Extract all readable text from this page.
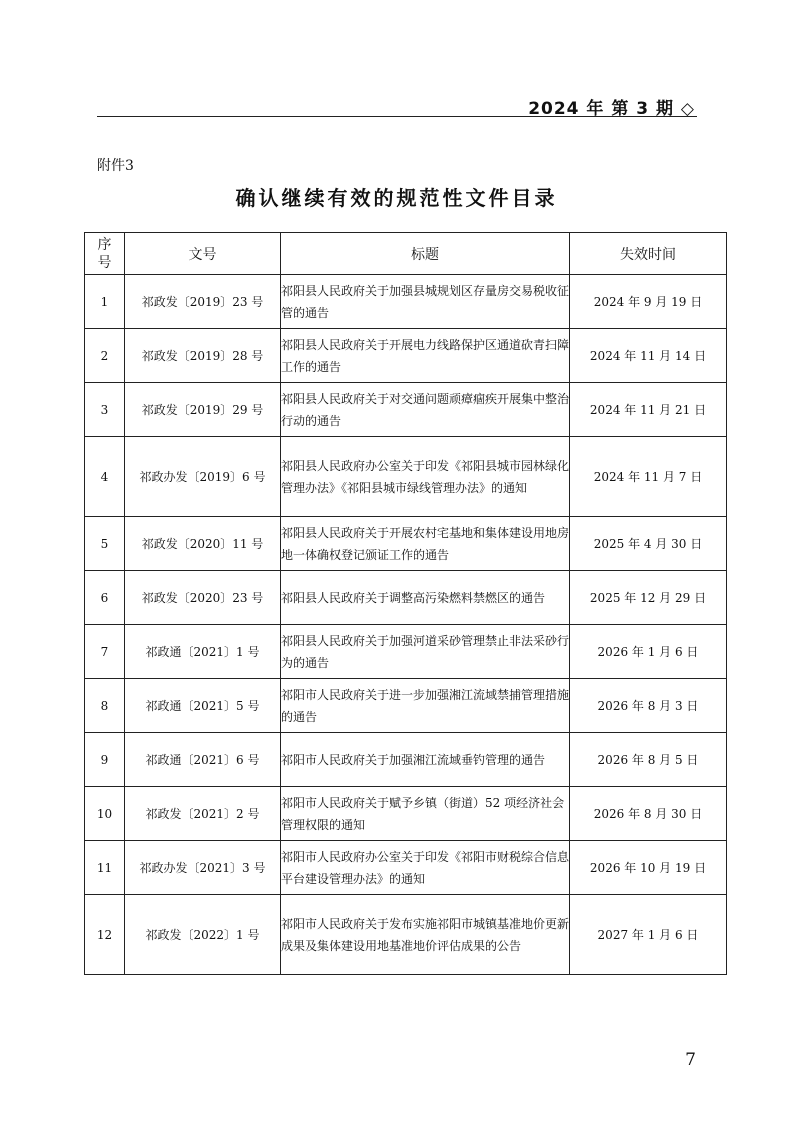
2024 年 第 3 期 ◇
附件3
确认继续有效的规范性文件目录
序号	文号	标题	失效时间
1	祁政发〔2019〕23 号	祁阳县人民政府关于加强县城规划区存量房交易税收征管的通告	2024 年 9 月 19 日
2	祁政发〔2019〕28 号	祁阳县人民政府关于开展电力线路保护区通道砍青扫障工作的通告	2024 年 11 月 14 日
3	祁政发〔2019〕29 号	祁阳县人民政府关于对交通问题顽瘴痼疾开展集中整治行动的通告	2024 年 11 月 21 日
4	祁政办发〔2019〕6 号	祁阳县人民政府办公室关于印发《祁阳县城市园林绿化管理办法》《祁阳县城市绿线管理办法》的通知	2024 年 11 月 7 日
5	祁政发〔2020〕11 号	祁阳县人民政府关于开展农村宅基地和集体建设用地房地一体确权登记颁证工作的通告	2025 年 4 月 30 日
6	祁政发〔2020〕23 号	祁阳县人民政府关于调整高污染燃料禁燃区的通告	2025 年 12 月 29 日
7	祁政通〔2021〕1 号	祁阳县人民政府关于加强河道采砂管理禁止非法采砂行为的通告	2026 年 1 月 6 日
8	祁政通〔2021〕5 号	祁阳市人民政府关于进一步加强湘江流域禁捕管理措施的通告	2026 年 8 月 3 日
9	祁政通〔2021〕6 号	祁阳市人民政府关于加强湘江流域垂钓管理的通告	2026 年 8 月 5 日
10	祁政发〔2021〕2 号	祁阳市人民政府关于赋予乡镇（街道）52 项经济社会管理权限的通知	2026 年 8 月 30 日
11	祁政办发〔2021〕3 号	祁阳市人民政府办公室关于印发《祁阳市财税综合信息平台建设管理办法》的通知	2026 年 10 月 19 日
12	祁政发〔2022〕1 号	祁阳市人民政府关于发布实施祁阳市城镇基准地价更新成果及集体建设用地基准地价评估成果的公告	2027 年 1 月 6 日
7
